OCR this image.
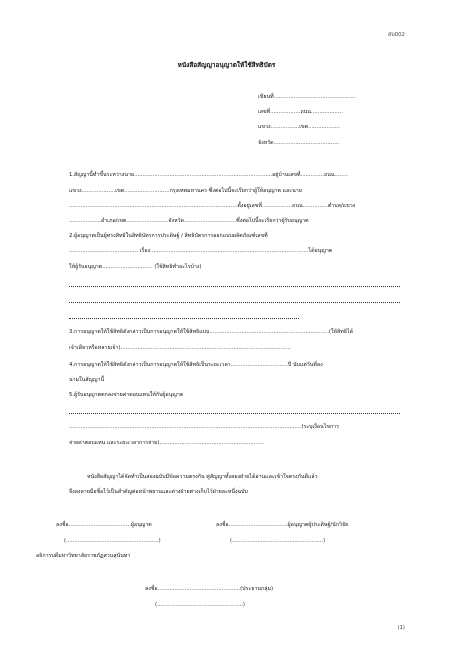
สบ002
หนังสือสัญญาอนุญาตให้ใช้สิทธิบัตร
เขียนที่.................................................
เลขที่..................ถนน...................
แขวง.................เขต...................
จังหวัด.......................................
1.สัญญานี้ทำขึ้นระหว่างนาย..................................................................................อยู่บ้านเลขที่..............ถนน........
แขวง....................เขต...........................กรุงเทพมหานคร ซึ่งต่อไปนี้จะเรียกว่าผู้ให้อนุญาต และนาย
....................................................................................................ตั้งอยู่เลขที่..................ถนน...............ตำบล/แขวง
...................อำเภอ/เขต.........................จังหวัด...............................ซึ่งต่อไปนี้จะเรียกว่าผู้รับอนุญาต
2.ผู้อนุญาตเป็นผู้ทรงสิทธิในสิทธิบัตรการประดิษฐ์ / สิทธิบัตรการออกแบบผลิตภัณฑ์เลขที่
......................................... เรื่อง..............................................................................................ได้อนุญาต
ให้ผู้รับอนุญาต.............................. (ใช้สิทธิทำอะไรบ้าง)
3.การอนุญาตให้ใช้สิทธิดังกล่าวเป็นการอนุญาตให้ใช้สิทธิแบบ.......................................................................(ให้สิทธิได้
เจ้าเดียวหรือหลายเจ้า).....................................................................................................
4.การอนุญาตให้ใช้สิทธิดังกล่าวเป็นการอนุญาตให้ใช้สิทธิเป็นระยะเวลา..................................ปี นับแต่วันที่ลง
นามในสัญญานี้
5.ผู้รับอนุญาตตกลงจ่ายค่าตอบแทนให้กับผู้อนุญาต
..........................................................................................................................................(ระบุเงื่อนไขการ
จ่ายค่าตอบแทน และระยะเวลาการจ่าย)..............................................................
หนังสือสัญญาได้จัดทำเป็นสองฉบับมีข้อความตรงกัน คู่สัญญาทั้งสองฝ่ายได้อ่านและเข้าใจตรงกันดีแล้ว
จึงลงลายมือชื่อไว้เป็นสำคัญต่อหน้าพยานและต่างฝ่ายต่างเก็บไว้ฝ่ายละหนึ่งฉบับ
ลงชื่อ.....................................ผู้อนุญาต
(.......................................................)
อธิการบดีมหาวิทยาลัยราชภัฏสวนสุนันทา
ลงชื่อ...................................ผู้อนุญาตผู้ประดิษฐ์/นักวิจัย
(......................................................)
ลงชื่อ.................................................(ประธานกลุ่ม)
(...................................................)
(1)
